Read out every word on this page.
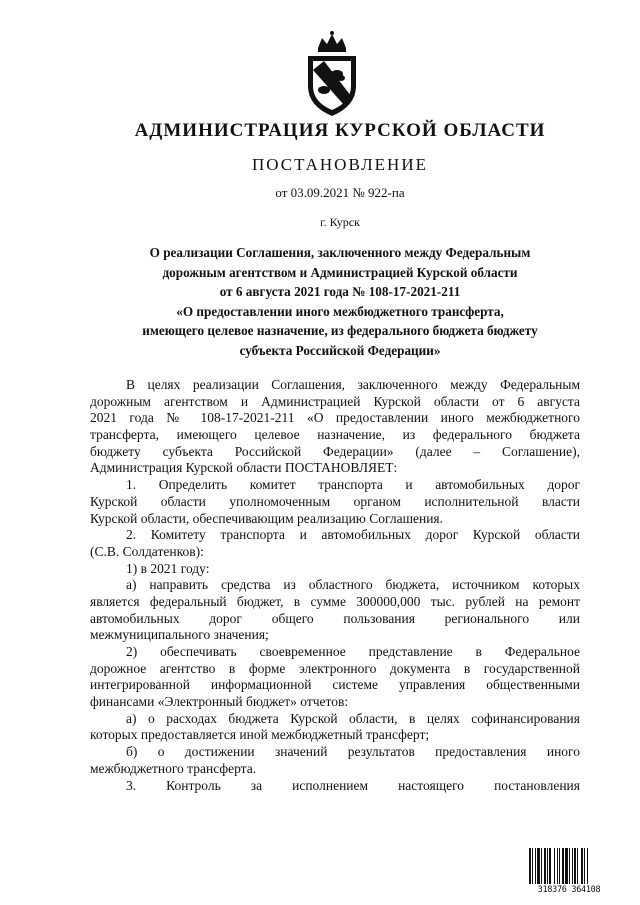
АДМИНИСТРАЦИЯ КУРСКОЙ ОБЛАСТИ
ПОСТАНОВЛЕНИЕ
от 03.09.2021 № 922-па
г. Курск
О реализации Соглашения, заключенного между Федеральным
дорожным агентством и Администрацией Курской области
от 6 августа 2021 года № 108-17-2021-211
«О предоставлении иного межбюджетного трансферта,
имеющего целевое назначение, из федерального бюджета бюджету
субъекта Российской Федерации»
В целях реализации Соглашения, заключенного между Федеральным
дорожным агентством и Администрацией Курской области от 6 августа
2021 года № 108-17-2021-211 «О предоставлении иного межбюджетного
трансферта, имеющего целевое назначение, из федерального бюджета
бюджету субъекта Российской Федерации» (далее – Соглашение),
Администрация Курской области ПОСТАНОВЛЯЕТ:
1. Определить комитет транспорта и автомобильных дорог
Курской области уполномоченным органом исполнительной власти
Курской области, обеспечивающим реализацию Соглашения.
2. Комитету транспорта и автомобильных дорог Курской области
(С.В. Солдатенков):
1) в 2021 году:
а) направить средства из областного бюджета, источником которых
является федеральный бюджет, в сумме 300000,000 тыс. рублей на ремонт
автомобильных дорог общего пользования регионального или
межмуниципального значения;
2) обеспечивать своевременное представление в Федеральное
дорожное агентство в форме электронного документа в государственной
интегрированной информационной системе управления общественными
финансами «Электронный бюджет» отчетов:
а) о расходах бюджета Курской области, в целях софинансирования
которых предоставляется иной межбюджетный трансферт;
б) о достижении значений результатов предоставления иного
межбюджетного трансферта.
3. Контроль за исполнением настоящего постановления
318376 364108
